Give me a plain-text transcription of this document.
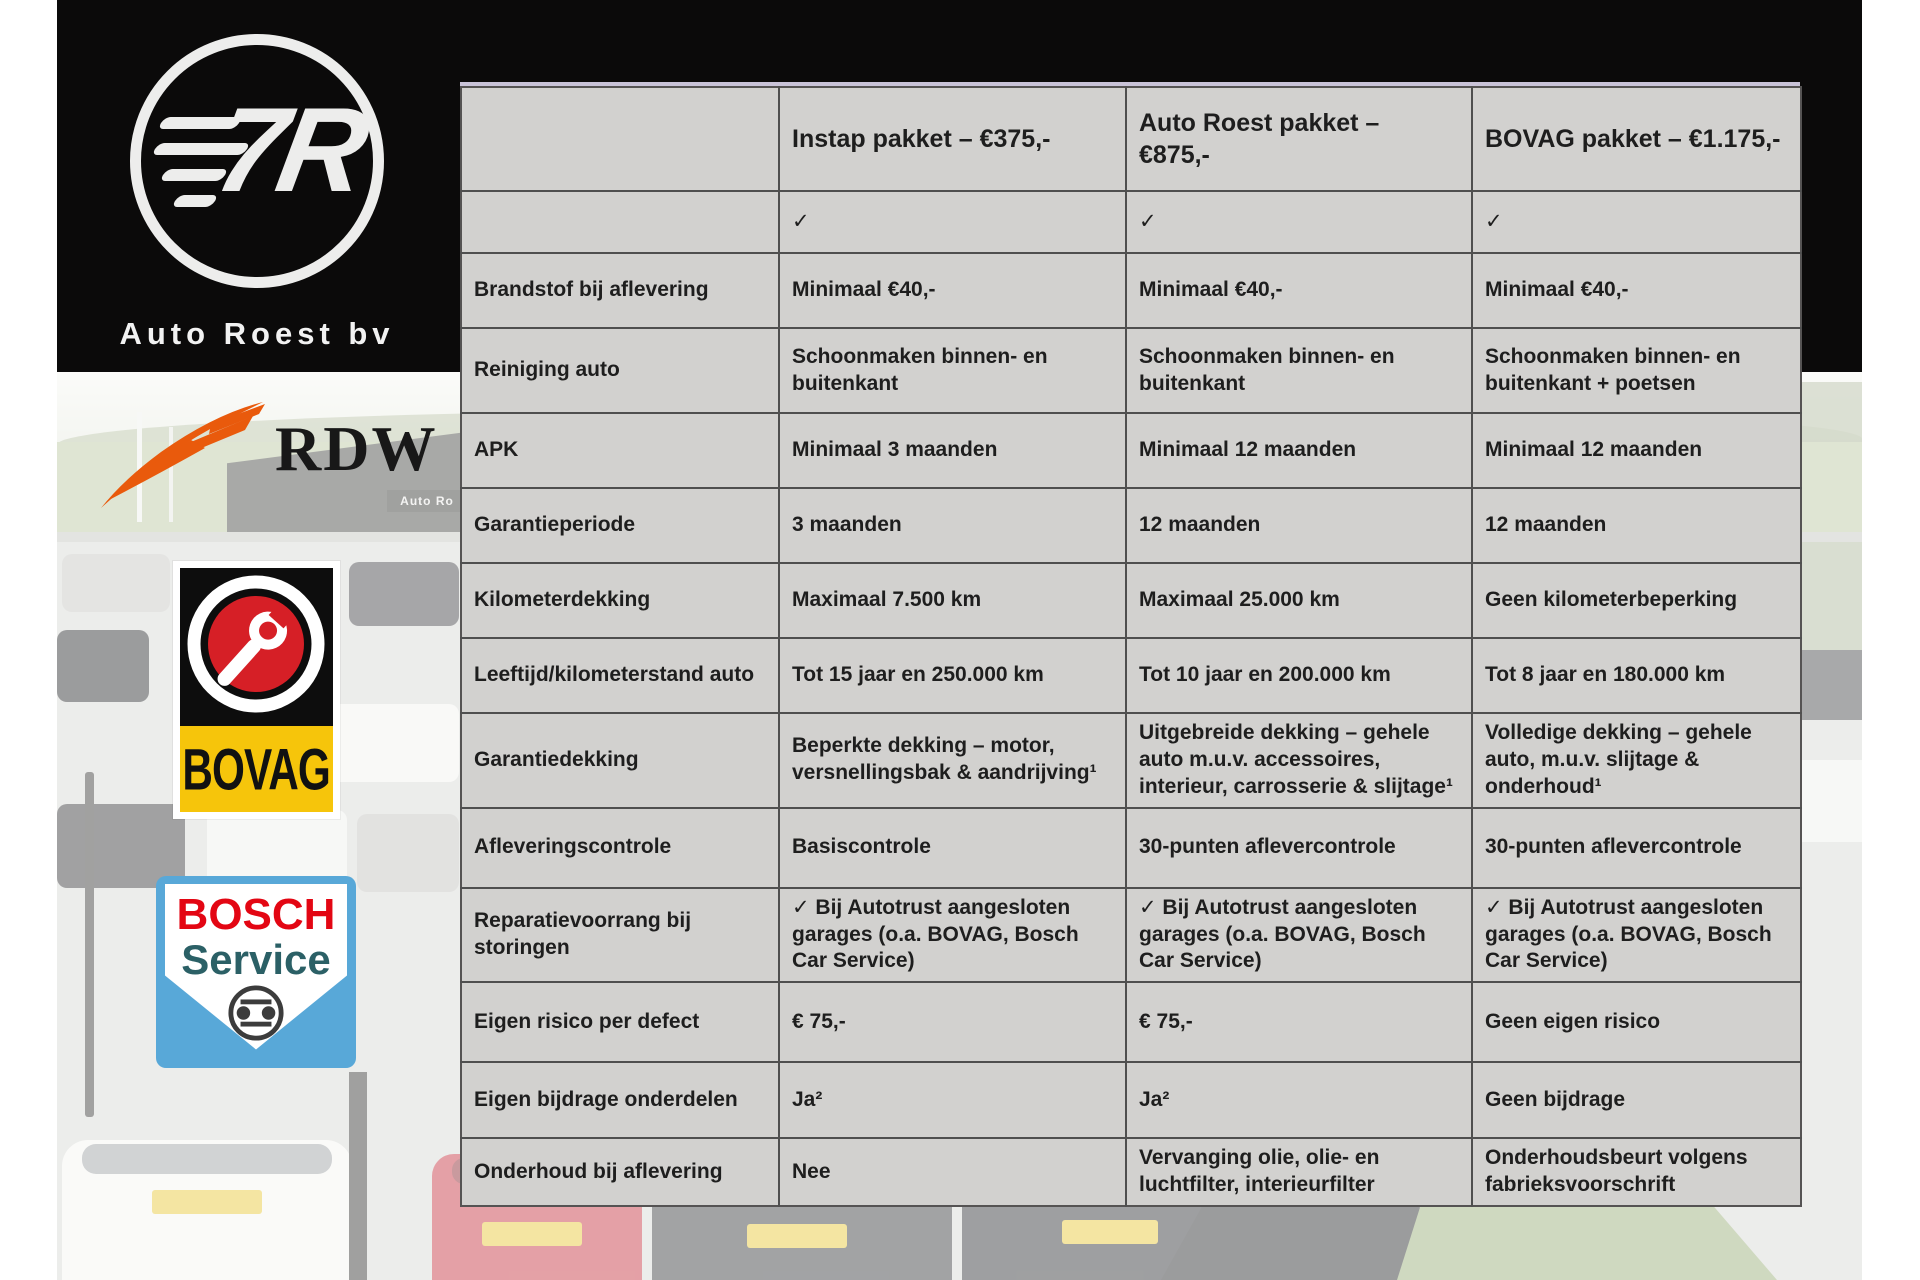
7R
Auto Roest bv
RDW
BOVAG
BOSCH
Service
	Instap pakket – €375,-	Auto Roest pakket – €875,-	BOVAG pakket – €1.175,-
	✓	✓	✓
Brandstof bij aflevering	Minimaal €40,-	Minimaal €40,-	Minimaal €40,-
Reiniging auto	Schoonmaken binnen- en buitenkant	Schoonmaken binnen- en buitenkant	Schoonmaken binnen- en buitenkant + poetsen
APK	Minimaal 3 maanden	Minimaal 12 maanden	Minimaal 12 maanden
Garantieperiode	3 maanden	12 maanden	12 maanden
Kilometerdekking	Maximaal 7.500 km	Maximaal 25.000 km	Geen kilometerbeperking
Leeftijd/kilometerstand auto	Tot 15 jaar en 250.000 km	Tot 10 jaar en 200.000 km	Tot 8 jaar en 180.000 km
Garantiedekking	Beperkte dekking – motor, versnellingsbak & aandrijving¹	Uitgebreide dekking – gehele auto m.u.v. accessoires, interieur, carrosserie & slijtage¹	Volledige dekking – gehele auto, m.u.v. slijtage & onderhoud¹
Afleveringscontrole	Basiscontrole	30-punten aflevercontrole	30-punten aflevercontrole
Reparatievoorrang bij storingen	✓ Bij Autotrust aangesloten garages (o.a. BOVAG, Bosch Car Service)	✓ Bij Autotrust aangesloten garages (o.a. BOVAG, Bosch Car Service)	✓ Bij Autotrust aangesloten garages (o.a. BOVAG, Bosch Car Service)
Eigen risico per defect	€ 75,-	€ 75,-	Geen eigen risico
Eigen bijdrage onderdelen	Ja²	Ja²	Geen bijdrage
Onderhoud bij aflevering	Nee	Vervanging olie, olie- en luchtfilter, interieurfilter	Onderhoudsbeurt volgens fabrieksvoorschrift
